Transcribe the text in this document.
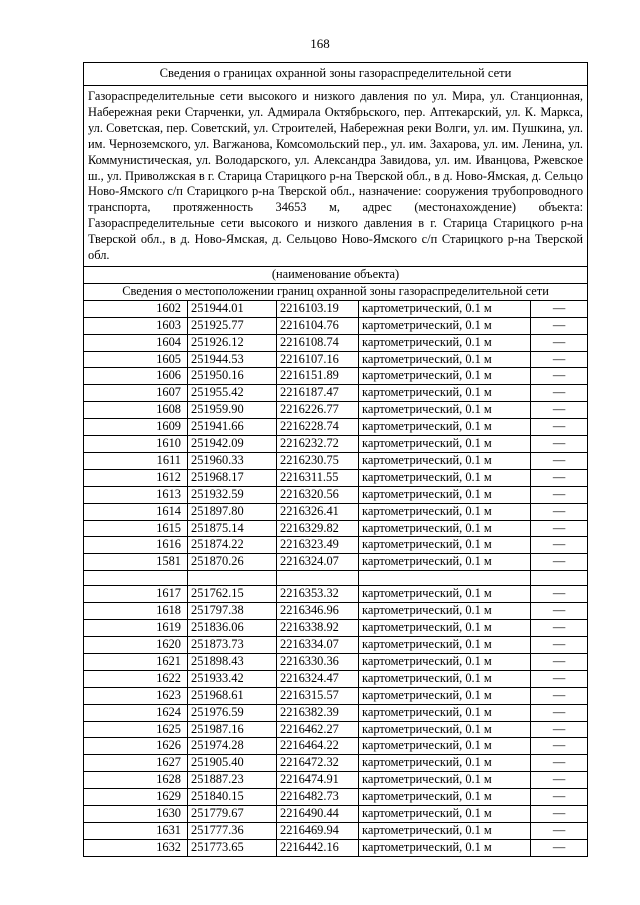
168
Сведения о границах охранной зоны газораспределительной сети				
Газораспределительные сети высокого и низкого давления по ул. Мира, ул. Станционная, Набережная реки Старченки, ул. Адмирала Октябрьского, пер. Аптекарский, ул. К. Маркса, ул. Советская, пер. Советский, ул. Строителей, Набережная реки Волги, ул. им. Пушкина, ул. им. Черноземского, ул. Вагжанова, Комсомольский пер., ул. им. Захарова, ул. им. Ленина, ул. Коммунистическая, ул. Володарского, ул. Александра Завидова, ул. им. Иванцова, Ржевское ш., ул. Приволжская в г. Старица Старицкого р-на Тверской обл., в д. Ново-Ямская, д. Сельцо Ново-Ямского с/п Старицкого р-на Тверской обл., назначение: сооружения трубопроводного транспорта, протяженность 34653 м, адрес (местонахождение) объекта: Газораспределительные сети высокого и низкого давления в г. Старица Старицкого р-на Тверской обл., в д. Ново-Ямская, д. Сельцово Ново-Ямского с/п Старицкого р-на Тверской обл.				
(наименование объекта)				
Сведения о местоположении границ охранной зоны газораспределительной сети				
1602	251944.01	2216103.19	картометрический, 0.1 м	—
1603	251925.77	2216104.76	картометрический, 0.1 м	—
1604	251926.12	2216108.74	картометрический, 0.1 м	—
1605	251944.53	2216107.16	картометрический, 0.1 м	—
1606	251950.16	2216151.89	картометрический, 0.1 м	—
1607	251955.42	2216187.47	картометрический, 0.1 м	—
1608	251959.90	2216226.77	картометрический, 0.1 м	—
1609	251941.66	2216228.74	картометрический, 0.1 м	—
1610	251942.09	2216232.72	картометрический, 0.1 м	—
1611	251960.33	2216230.75	картометрический, 0.1 м	—
1612	251968.17	2216311.55	картометрический, 0.1 м	—
1613	251932.59	2216320.56	картометрический, 0.1 м	—
1614	251897.80	2216326.41	картометрический, 0.1 м	—
1615	251875.14	2216329.82	картометрический, 0.1 м	—
1616	251874.22	2216323.49	картометрический, 0.1 м	—
1581	251870.26	2216324.07	картометрический, 0.1 м	—

1617	251762.15	2216353.32	картометрический, 0.1 м	—
1618	251797.38	2216346.96	картометрический, 0.1 м	—
1619	251836.06	2216338.92	картометрический, 0.1 м	—
1620	251873.73	2216334.07	картометрический, 0.1 м	—
1621	251898.43	2216330.36	картометрический, 0.1 м	—
1622	251933.42	2216324.47	картометрический, 0.1 м	—
1623	251968.61	2216315.57	картометрический, 0.1 м	—
1624	251976.59	2216382.39	картометрический, 0.1 м	—
1625	251987.16	2216462.27	картометрический, 0.1 м	—
1626	251974.28	2216464.22	картометрический, 0.1 м	—
1627	251905.40	2216472.32	картометрический, 0.1 м	—
1628	251887.23	2216474.91	картометрический, 0.1 м	—
1629	251840.15	2216482.73	картометрический, 0.1 м	—
1630	251779.67	2216490.44	картометрический, 0.1 м	—
1631	251777.36	2216469.94	картометрический, 0.1 м	—
1632	251773.65	2216442.16	картометрический, 0.1 м	—
